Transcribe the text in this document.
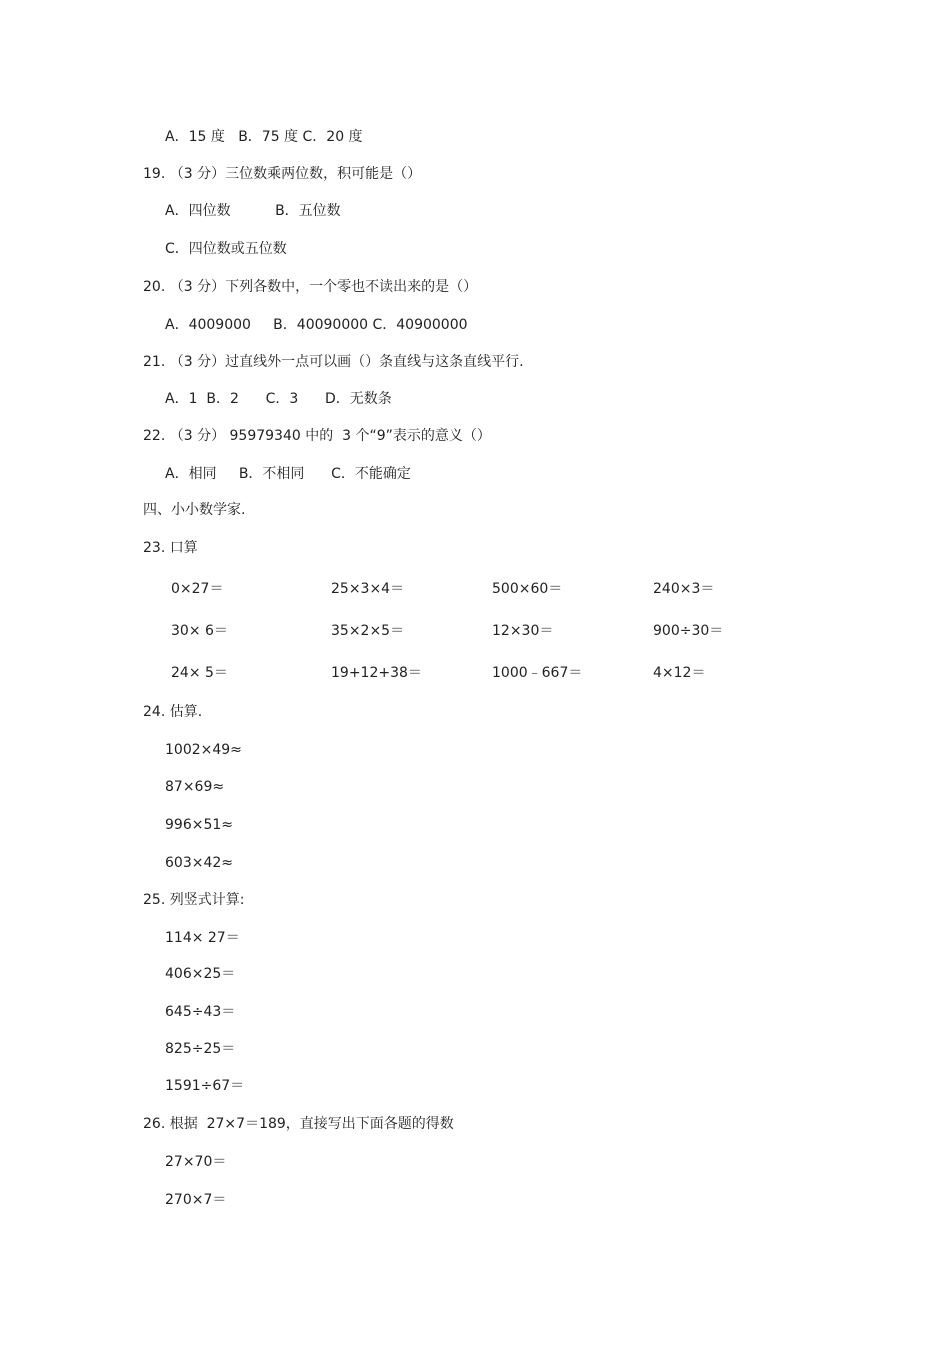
A．15 度   B．75 度 C．20 度
19. （3 分）三位数乘两位数，积可能是（）
A．四位数          B．五位数
C．四位数或五位数
20. （3 分）下列各数中，一个零也不读出来的是（）
A．4009000     B．40090000 C．40900000
21. （3 分）过直线外一点可以画（）条直线与这条直线平行.
A．1  B．2      C．3      D．无数条
22. （3 分） 95979340 中的  3 个“9”表示的意义（）
A．相同     B．不相同      C．不能确定
四、小小数学家.
23. 口算
0×27＝	25×3×4＝	500×60＝	240×3＝
30× 6＝	35×2×5＝	12×30＝	900÷30＝
24× 5＝	19+12+38＝	1000﹣667＝	4×12＝
24. 估算.
1002×49≈
87×69≈
996×51≈
603×42≈
25. 列竖式计算:
114× 27＝
406×25＝
645÷43＝
825÷25＝
1591÷67＝
26. 根据  27×7＝189，直接写出下面各题的得数
27×70＝
270×7＝
